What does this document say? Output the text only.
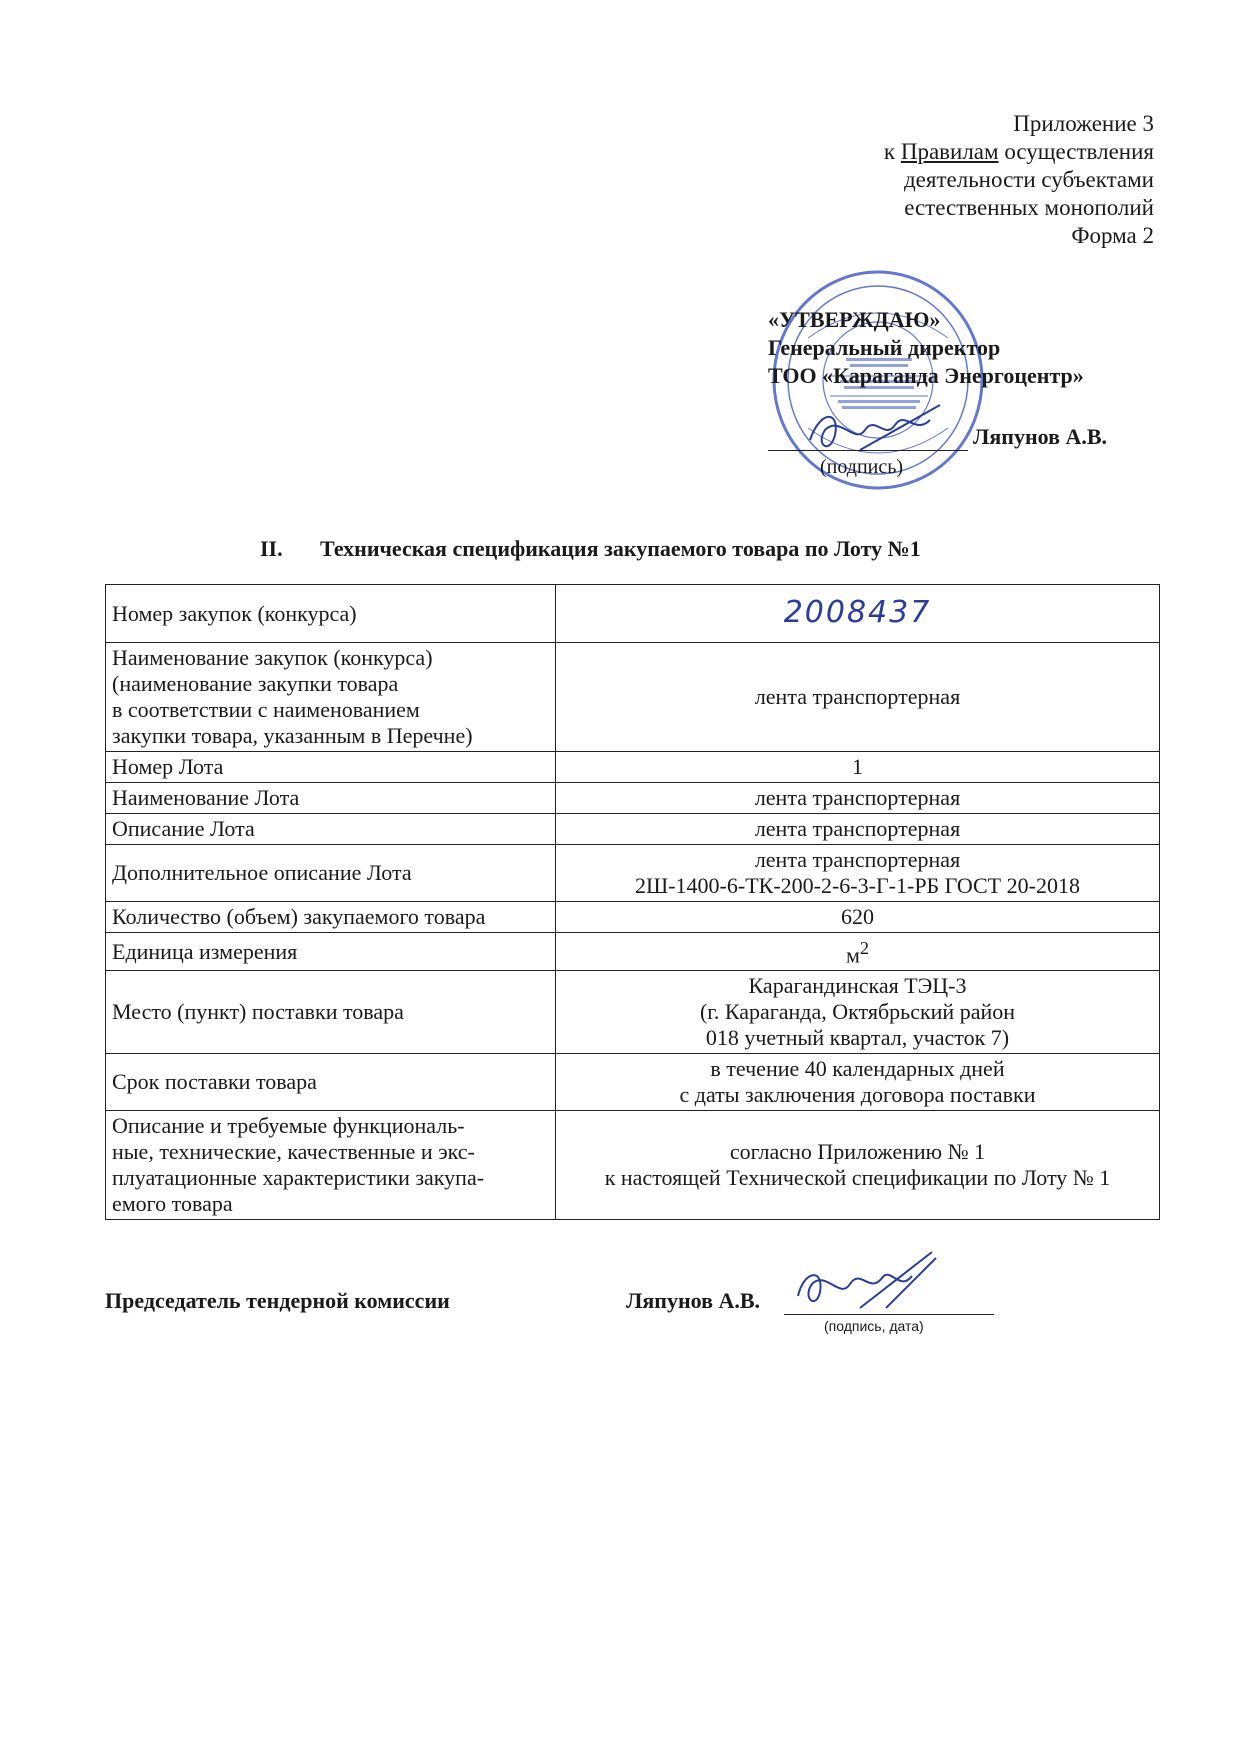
Приложение 3
к Правилам осуществления
деятельности субъектами
естественных монополий
Форма 2
«УТВЕРЖДАЮ»
Генеральный директор
ТОО «Караганда Энергоцентр»
Ляпунов А.В.
(подпись)
II. Техническая спецификация закупаемого товара по Лоту №1
Номер закупок (конкурса)	2008437
Наименование закупок (конкурса)
(наименование закупки товара
в соответствии с наименованием
закупки товара, указанным в Перечне)	лента транспортерная
Номер Лота	1
Наименование Лота	лента транспортерная
Описание Лота	лента транспортерная
Дополнительное описание Лота	лента транспортерная
2Ш-1400-6-ТК-200-2-6-3-Г-1-РБ ГОСТ 20-2018
Количество (объем) закупаемого товара	620
Единица измерения	$м^2$
Место (пункт) поставки товара	Карагандинская ТЭЦ-3
(г. Караганда, Октябрьский район
018 учетный квартал, участок 7)
Срок поставки товара	в течение 40 календарных дней
с даты заключения договора поставки
Описание и требуемые функциональ-
ные, технические, качественные и экс-
плуатационные характеристики закупа-
емого товара	согласно Приложению № 1
к настоящей Технической спецификации по Лоту № 1
Председатель тендерной комиссии	Ляпунов А.В.
(подпись, дата)
